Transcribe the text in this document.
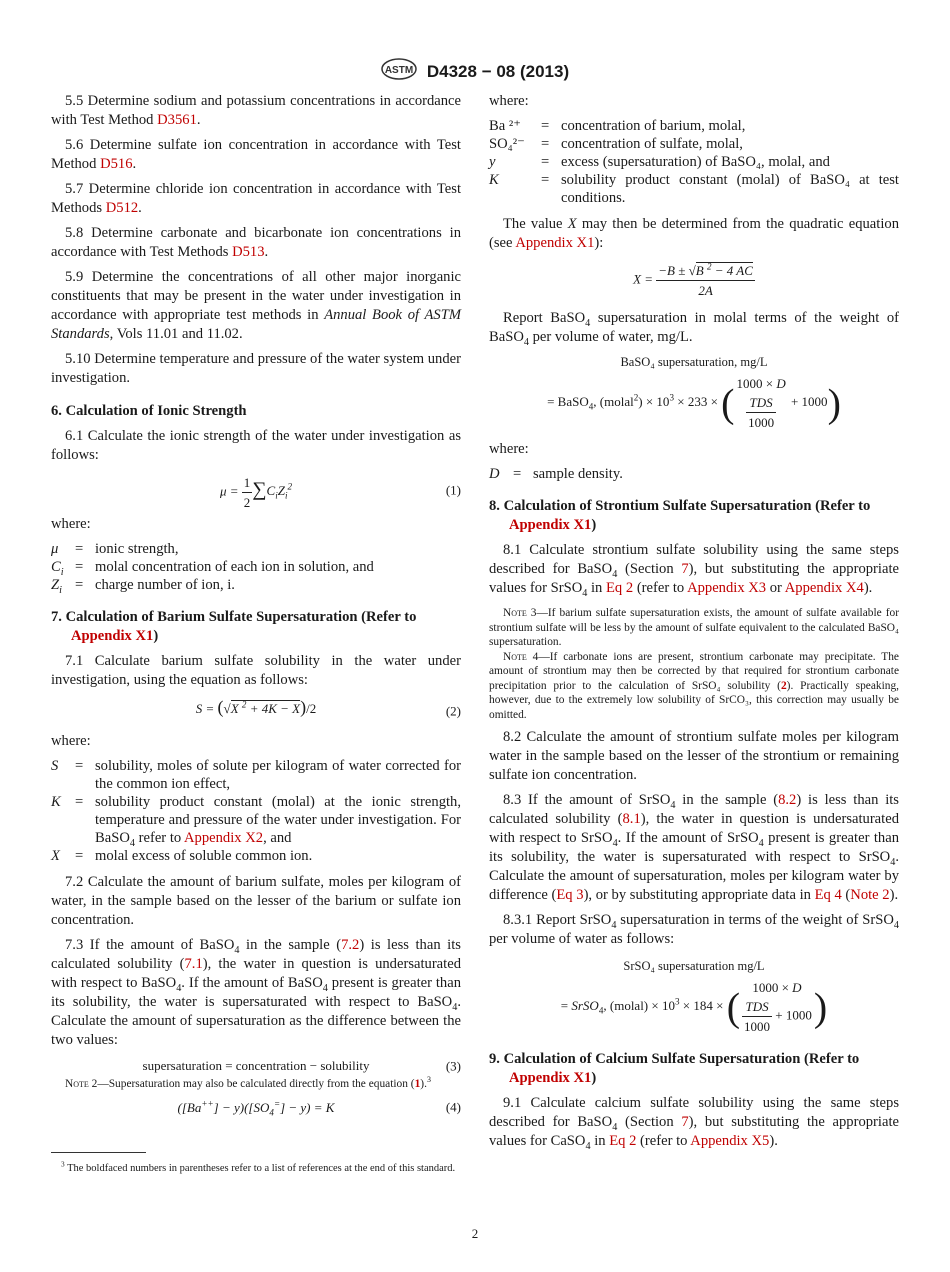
ASTM D4328 − 08 (2013)

5.5 Determine sodium and potassium concentrations in accordance with Test Method D3561.

5.6 Determine sulfate ion concentration in accordance with Test Method D516.

5.7 Determine chloride ion concentration in accordance with Test Methods D512.

5.8 Determine carbonate and bicarbonate ion concentrations in accordance with Test Methods D513.

5.9 Determine the concentrations of all other major inorganic constituents that may be present in the water under investigation in accordance with appropriate test methods in Annual Book of ASTM Standards, Vols 11.01 and 11.02.

5.10 Determine temperature and pressure of the water system under investigation.

6. Calculation of Ionic Strength

6.1 Calculate the ionic strength of the water under investigation as follows:

$\mu = \frac{1}{2} \sum C_iZ_i^2$	(1)

where:

μ	= ionic strength,
$C_i$ = molal concentration of each ion in solution, and
$Z_i$ = charge number of ion, i.
7. Calculation of Barium Sulfate Supersaturation (Refer to Appendix X1)

7.1 Calculate barium sulfate solubility in the water under investigation, using the equation as follows:

S = (√X $^2$ + 4K − X)/2	(2)

where:

S	= solubility, moles of solute per kilogram of water corrected for the common ion effect,
K = solubility product constant (molal) at the ionic strength, temperature and pressure of the water under investigation. For BaSO$_4$ refer to Appendix X2, and
X	= molal excess of soluble common ion.

7.2 Calculate the amount of barium sulfate, moles per kilogram of water, in the sample based on the lesser of the barium or sulfate ion concentration.

7.3 If the amount of BaSO$_4$ in the sample (7.2) is less than its calculated solubility (7.1), the water in question is undersaturated with respect to BaSO$_4$. If the amount of BaSO$_4$ present is greater than its solubility, the water is supersaturated with respect to BaSO$_4$. Calculate the amount of supersaturation as the difference between the two values:

supersaturation = concentration − solubility	(3)

Note 2—Supersaturation may also be calculated directly from the equation (1).$^3$

$([Ba^{++}] - y)([SO_4^=] - y) = K$	(4)
$^3$ The boldfaced numbers in parentheses refer to a list of references at the end of this standard.

where:

Ba ²⁺	= concentration of barium, molal,
SO₄²⁻	= concentration of sulfate, molal,
y	= excess (supersaturation) of BaSO₄, molal, and
K	= solubility product constant (molal) of BaSO₄ at test conditions.

The value X may then be determined from the quadratic equation (see Appendix X1):

$X = \frac{-B \pm √B ^2 - 4 AC}{2A}$

Report BaSO$_4$ supersaturation in molal terms of the weight of BaSO$_4$ per volume of water, mg/L.

BaSO₄ supersaturation, mg/L
= BaSO$_4$, (molal$^2$) × $10^3 \times 233$ × ( 1000 × D
$\frac{\text{TDS}}{1000} + 1000$)

where:

D = sample density.
8. Calculation of Strontium Sulfate Supersaturation (Refer to Appendix X1)

8.1 Calculate strontium sulfate solubility using the same steps described for BaSO$_4$ (Section 7), but substituting the appropriate values for SrSO$_4$ in Eq 2 (refer to Appendix X3 or Appendix X4).

Note 3—If barium sulfate supersaturation exists, the amount of sulfate available for strontium sulfate will be less by the amount of sulfate equivalent to the calculated BaSO₄ supersaturation.

Note 4—If carbonate ions are present, strontium carbonate may precipitate. The amount of strontium may then be corrected by that required for strontium carbonate precipitation prior to the calculation of SrSO₄ solubility (2). Practically speaking, however, due to the extremely low solubility of SrCO₃, this correction may usually be omitted.

8.2 Calculate the amount of strontium sulfate moles per kilogram water in the sample based on the lesser of the strontium or remaining sulfate ion concentration.

8.3 If the amount of SrSO$_4$ in the sample (8.2) is less than its calculated solubility (8.1), the water in question is undersaturated with respect to SrSO$_4$. If the amount of SrSO$_4$ present is greater than its solubility, the water is supersaturated with respect to SrSO$_4$. Calculate the amount of supersaturation, moles per kilogram water by difference (Eq 3), or by substituting appropriate data in Eq 4 (Note 2).

8.3.1 Report SrSO$_4$ supersaturation in terms of the weight of SrSO$_4$ per volume of water as follows:

SrSO₄ supersaturation mg/L
= SrSO$_4$, (molal) × $10^3 \times 184$ × ( 1000 × D
$\frac{\text{TDS}}{1000} + 1000$ )
9. Calculation of Calcium Sulfate Supersaturation (Refer to Appendix X1)

9.1 Calculate calcium sulfate solubility using the same steps described for BaSO$_4$ (Section 7), but substituting the appropriate values for CaSO$_4$ in Eq 2 (refer to Appendix X5).

2
